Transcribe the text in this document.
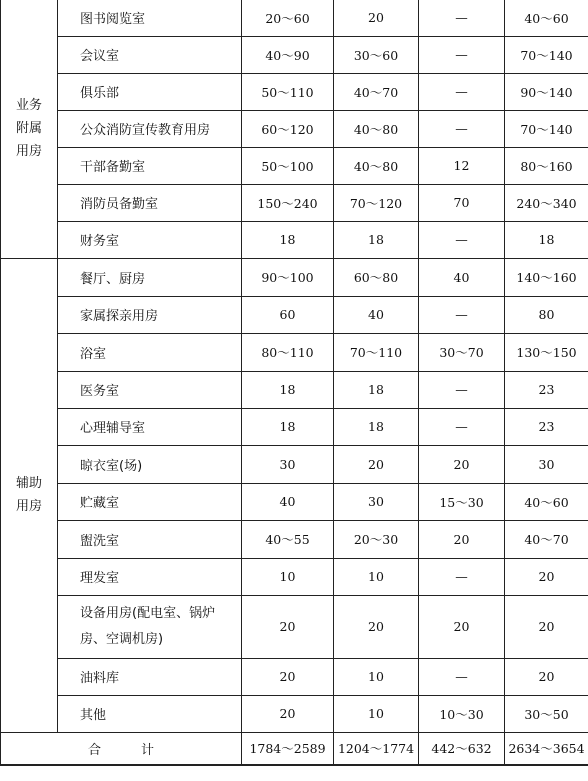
业务
附属
用房	图书阅览室	20～60	20	—	40～60
	会议室	40～90	30～60	—	70～140
	俱乐部	50～110	40～70	—	90～140
	公众消防宣传教育用房	60～120	40～80	—	70～140
	干部备勤室	50～100	40～80	12	80～160
	消防员备勤室	150～240	70～120	70	240～340
	财务室	18	18	—	18

辅助
用房	餐厅、厨房	90～100	60～80	40	140～160
	家属探亲用房	60	40	—	80
	浴室	80～110	70～110	30～70	130～150
	医务室	18	18	—	23
	心理辅导室	18	18	—	23
	晾衣室(场)	30	20	20	30
	贮藏室	40	30	15～30	40～60
	盥洗室	40～55	20～30	20	40～70
	理发室	10	10	—	20
	设备用房(配电室、锅炉房、空调机房)	20	20	20	20
	油料库	20	10	—	20
	其他	20	10	10～30	30～50
合计		1784～2589	1204～1774	442～632	2634～3654
